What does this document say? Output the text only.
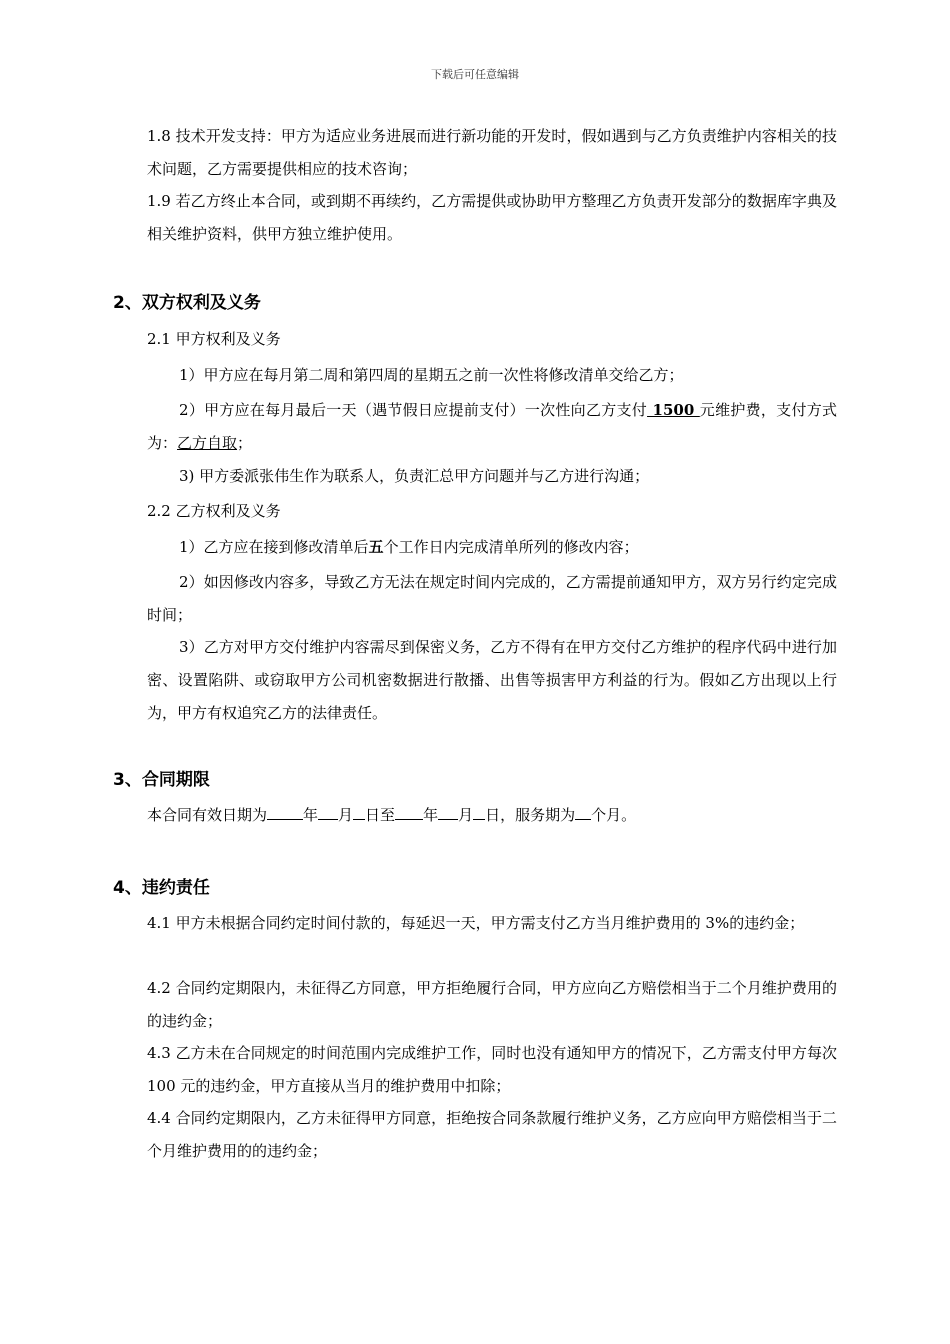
下载后可任意编辑

1.8 技术开发支持：甲方为适应业务进展而进行新功能的开发时，假如遇到与乙方负责维护内容相关的技术问题，乙方需要提供相应的技术咨询；

1.9 若乙方终止本合同，或到期不再续约，乙方需提供或协助甲方整理乙方负责开发部分的数据库字典及相关维护资料，供甲方独立维护使用。

2、双方权利及义务

2.1 甲方权利及义务

1）甲方应在每月第二周和第四周的星期五之前一次性将修改清单交给乙方；

2）甲方应在每月最后一天（遇节假日应提前支付）一次性向乙方支付 1500 元维护费，支付方式为：乙方自取；

3) 甲方委派张伟生作为联系人，负责汇总甲方问题并与乙方进行沟通；

2.2 乙方权利及义务

1）乙方应在接到修改清单后五个工作日内完成清单所列的修改内容；

2）如因修改内容多，导致乙方无法在规定时间内完成的，乙方需提前通知甲方，双方另行约定完成时间；

3）乙方对甲方交付维护内容需尽到保密义务，乙方不得有在甲方交付乙方维护的程序代码中进行加密、设置陷阱、或窃取甲方公司机密数据进行散播、出售等损害甲方利益的行为。假如乙方出现以上行为，甲方有权追究乙方的法律责任。

3、合同期限

本合同有效日期为 年 月 日至 年 月 日，服务期为 个月。

4、违约责任

4.1 甲方未根据合同约定时间付款的，每延迟一天，甲方需支付乙方当月维护费用的 3%的违约金；

4.2 合同约定期限内，未征得乙方同意，甲方拒绝履行合同，甲方应向乙方赔偿相当于二个月维护费用的的违约金；

4.3 乙方未在合同规定的时间范围内完成维护工作，同时也没有通知甲方的情况下，乙方需支付甲方每次 100 元的违约金，甲方直接从当月的维护费用中扣除；

4.4 合同约定期限内，乙方未征得甲方同意，拒绝按合同条款履行维护义务，乙方应向甲方赔偿相当于二个月维护费用的的违约金；
